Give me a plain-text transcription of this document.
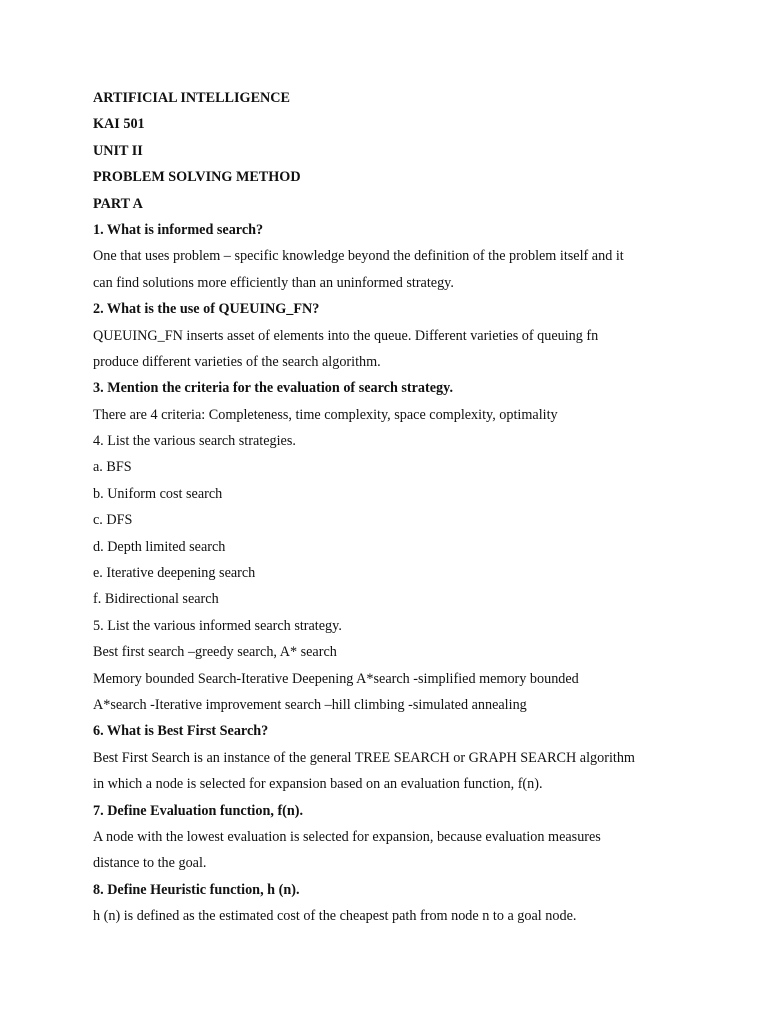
ARTIFICIAL INTELLIGENCE
KAI 501
UNIT II
PROBLEM SOLVING METHOD
PART A
1. What is informed search?
One that uses problem – specific knowledge beyond the definition of the problem itself and it
can find solutions more efficiently than an uninformed strategy.
2. What is the use of QUEUING_FN?
QUEUING_FN inserts asset of elements into the queue. Different varieties of queuing fn
produce different varieties of the search algorithm.
3. Mention the criteria for the evaluation of search strategy.
There are 4 criteria: Completeness, time complexity, space complexity, optimality
4. List the various search strategies.
a. BFS
b. Uniform cost search
c. DFS
d. Depth limited search
e. Iterative deepening search
f. Bidirectional search
5. List the various informed search strategy.
Best first search –greedy search, A* search
Memory bounded Search-Iterative Deepening A*search -simplified memory bounded
A*search -Iterative improvement search –hill climbing -simulated annealing
6. What is Best First Search?
Best First Search is an instance of the general TREE SEARCH or GRAPH SEARCH algorithm
in which a node is selected for expansion based on an evaluation function, f(n).
7. Define Evaluation function, f(n).
A node with the lowest evaluation is selected for expansion, because evaluation measures
distance to the goal.
8. Define Heuristic function, h (n).
h (n) is defined as the estimated cost of the cheapest path from node n to a goal node.
